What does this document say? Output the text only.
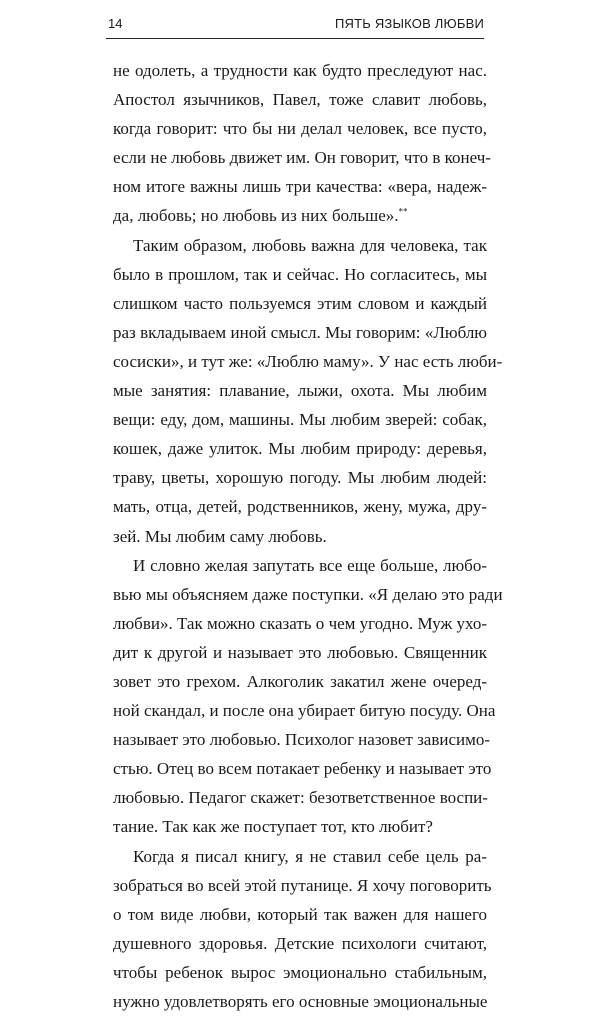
14	ПЯТЬ ЯЗЫКОВ ЛЮБВИ
не одолеть, а трудности как будто преследуют нас.
Апостол язычников, Павел, тоже славит любовь,
когда говорит: что бы ни делал человек, все пусто,
если не любовь движет им. Он говорит, что в конеч-
ном итоге важны лишь три качества: «вера, надеж-
да, любовь; но любовь из них больше».**
Таким образом, любовь важна для человека, так
было в прошлом, так и сейчас. Но согласитесь, мы
слишком часто пользуемся этим словом и каждый
раз вкладываем иной смысл. Мы говорим: «Люблю
сосиски», и тут же: «Люблю маму». У нас есть люби-
мые занятия: плавание, лыжи, охота. Мы любим
вещи: еду, дом, машины. Мы любим зверей: собак,
кошек, даже улиток. Мы любим природу: деревья,
траву, цветы, хорошую погоду. Мы любим людей:
мать, отца, детей, родственников, жену, мужа, дру-
зей. Мы любим саму любовь.
И словно желая запутать все еще больше, любо-
вью мы объясняем даже поступки. «Я делаю это ради
любви». Так можно сказать о чем угодно. Муж ухо-
дит к другой и называет это любовью. Священник
зовет это грехом. Алкоголик закатил жене очеред-
ной скандал, и после она убирает битую посуду. Она
называет это любовью. Психолог назовет зависимо-
стью. Отец во всем потакает ребенку и называет это
любовью. Педагог скажет: безответственное воспи-
тание. Так как же поступает тот, кто любит?
Когда я писал книгу, я не ставил себе цель ра-
зобраться во всей этой путанице. Я хочу поговорить
о том виде любви, который так важен для нашего
душевного здоровья. Детские психологи считают,
чтобы ребенок вырос эмоционально стабильным,
нужно удовлетворять его основные эмоциональные
